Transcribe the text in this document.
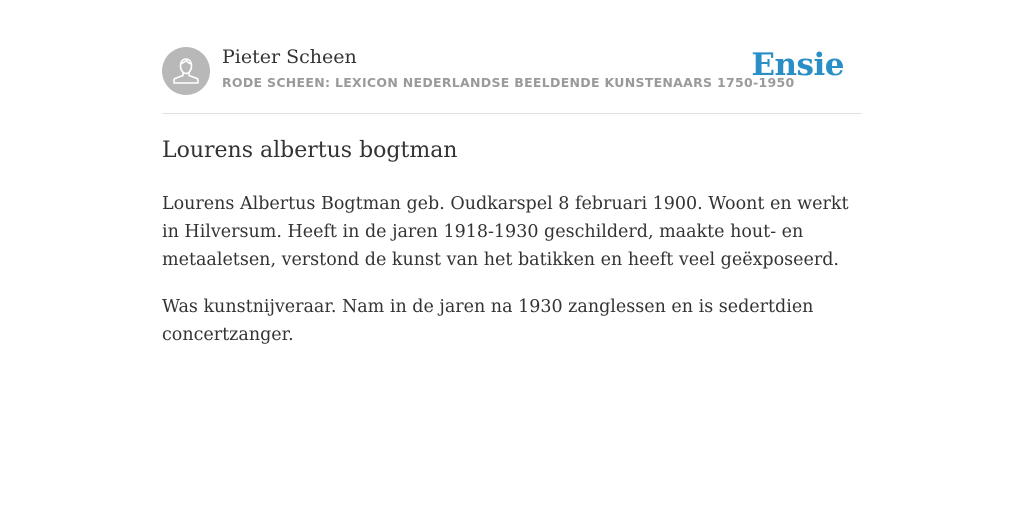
Pieter Scheen
RODE SCHEEN: LEXICON NEDERLANDSE BEELDENDE KUNSTENAARS 1750-1950
Ensie
Lourens albertus bogtman

Lourens Albertus Bogtman geb. Oudkarspel 8 februari 1900. Woont en werkt in Hilversum. Heeft in de jaren 1918-1930 geschilderd, maakte hout- en metaaletsen, verstond de kunst van het batikken en heeft veel geëxposeerd.

Was kunstnijveraar. Nam in de jaren na 1930 zanglessen en is sedertdien concertzanger.
